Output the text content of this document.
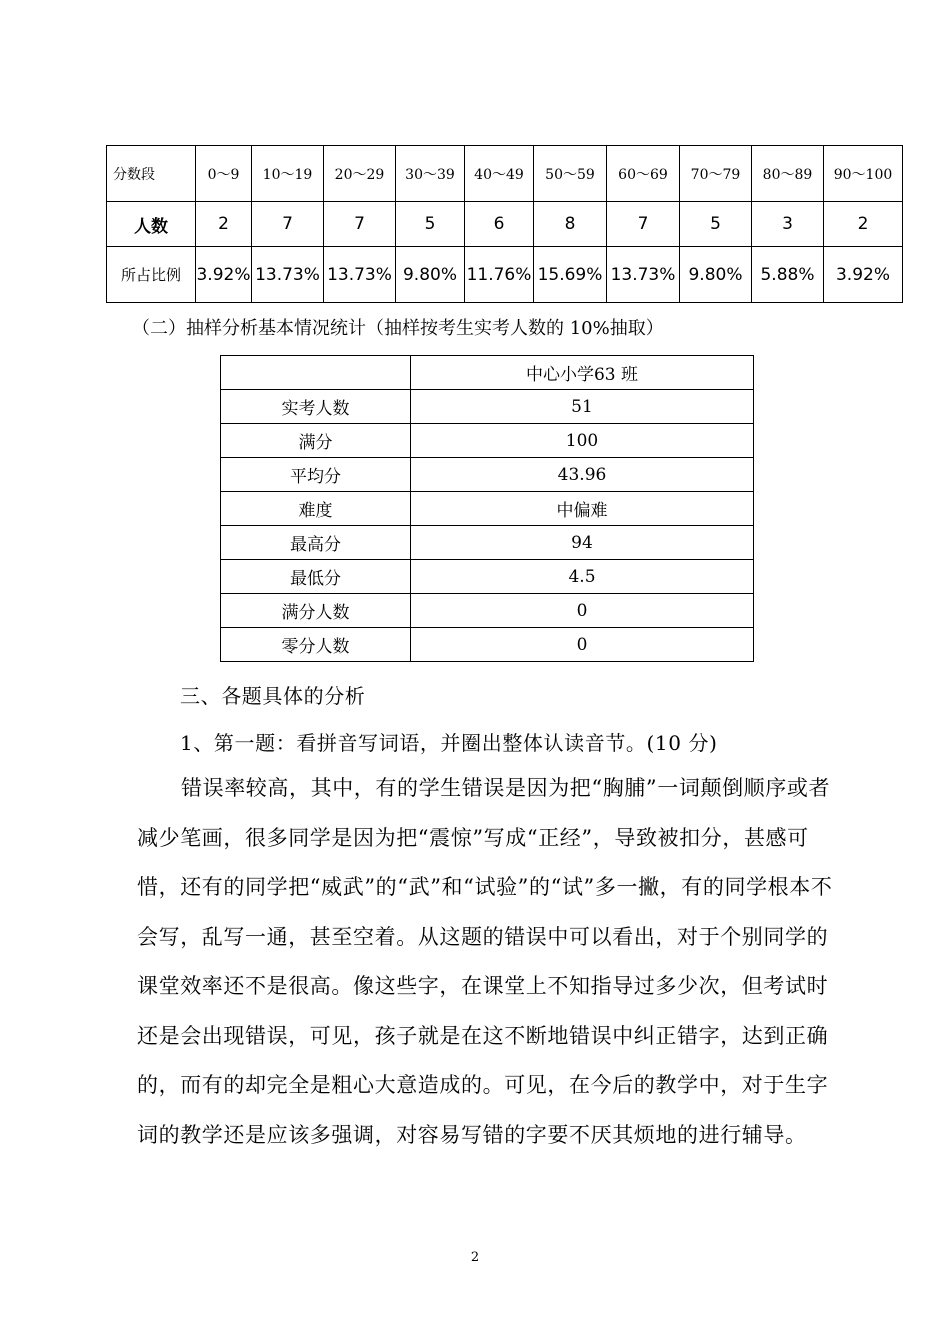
分数段	0～9	10～19	20～29	30～39	40～49	50～59	60～69	70～79	80～89	90～100
人数	2	7	7	5	6	8	7	5	3	2
所占比例	3.92%	13.73%	13.73%	9.80%	11.76%	15.69%	13.73%	9.80%	5.88%	3.92%
（二）抽样分析基本情况统计（抽样按考生实考人数的 10%抽取）
	中心小学63 班
实考人数	51
满分	100
平均分	43.96
难度	中偏难
最高分	94
最低分	4.5
满分人数	0
零分人数	0
三、各题具体的分析
1、第一题：看拼音写词语，并圈出整体认读音节。(10 分)
错误率较高，其中，有的学生错误是因为把“胸脯”一词颠倒顺序或者减少笔画，很多同学是因为把“震惊”写成“正经”，导致被扣分，甚感可惜，还有的同学把“威武”的“武”和“试验”的“试”多一撇，有的同学根本不会写，乱写一通，甚至空着。从这题的错误中可以看出，对于个别同学的课堂效率还不是很高。像这些字，在课堂上不知指导过多少次，但考试时还是会出现错误，可见，孩子就是在这不断地错误中纠正错字，达到正确的，而有的却完全是粗心大意造成的。可见，在今后的教学中，对于生字词的教学还是应该多强调，对容易写错的字要不厌其烦地的进行辅导。
2
